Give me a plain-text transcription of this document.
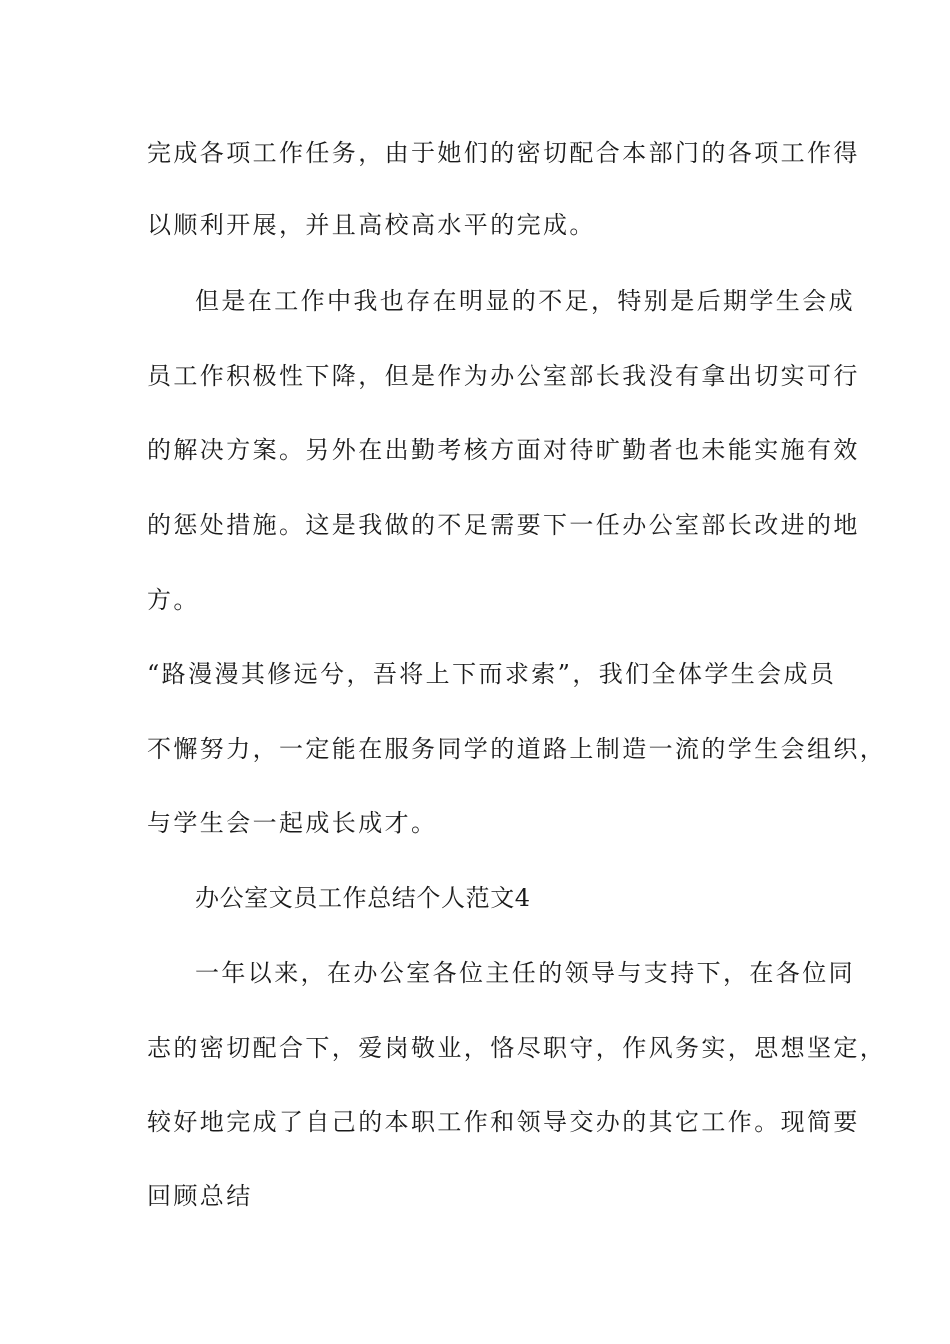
完成各项工作任务，由于她们的密切配合本部门的各项工作得

以顺利开展，并且高校高水平的完成。

但是在工作中我也存在明显的不足，特别是后期学生会成

员工作积极性下降，但是作为办公室部长我没有拿出切实可行

的解决方案。另外在出勤考核方面对待旷勤者也未能实施有效

的惩处措施。这是我做的不足需要下一任办公室部长改进的地

方。

“路漫漫其修远兮，吾将上下而求索”，我们全体学生会成员

不懈努力，一定能在服务同学的道路上制造一流的学生会组织，

与学生会一起成长成才。

办公室文员工作总结个人范文4

一年以来，在办公室各位主任的领导与支持下，在各位同

志的密切配合下，爱岗敬业，恪尽职守，作风务实，思想坚定，

较好地完成了自己的本职工作和领导交办的其它工作。现简要

回顾总结
